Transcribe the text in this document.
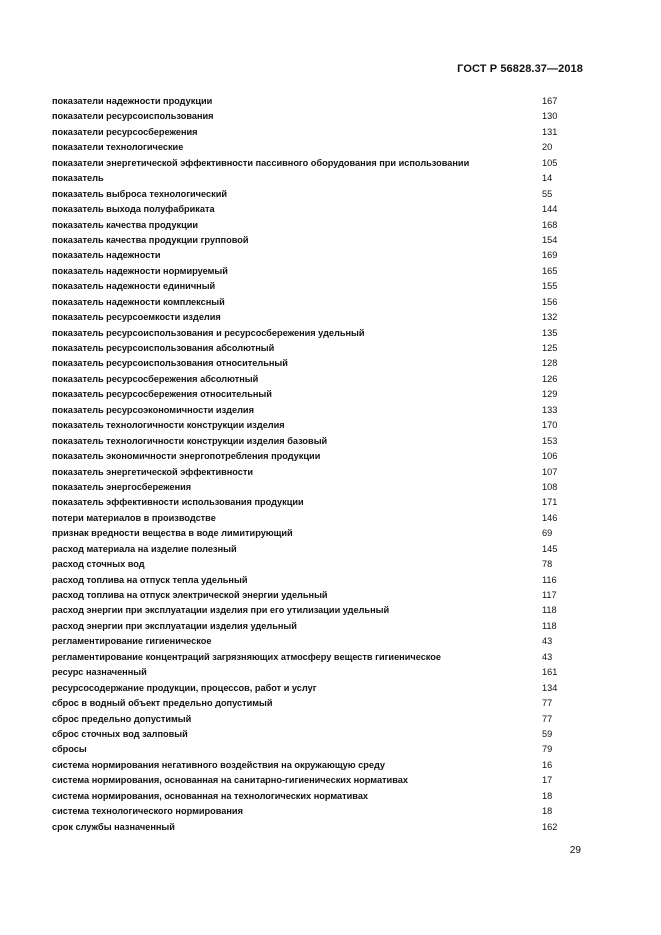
ГОСТ Р 56828.37—2018
показатели надежности продукции	167
показатели ресурсоиспользования	130
показатели ресурсосбережения	131
показатели технологические	20
показатели энергетической эффективности пассивного оборудования при использовании	105
показатель	14
показатель выброса технологический	55
показатель выхода полуфабриката	144
показатель качества продукции	168
показатель качества продукции групповой	154
показатель надежности	169
показатель надежности нормируемый	165
показатель надежности единичный	155
показатель надежности комплексный	156
показатель ресурсоемкости изделия	132
показатель ресурсоиспользования и ресурсосбережения удельный	135
показатель ресурсоиспользования абсолютный	125
показатель ресурсоиспользования относительный	128
показатель ресурсосбережения абсолютный	126
показатель ресурсосбережения относительный	129
показатель ресурсоэкономичности изделия	133
показатель технологичности конструкции изделия	170
показатель технологичности конструкции изделия базовый	153
показатель экономичности энергопотребления продукции	106
показатель энергетической эффективности	107
показатель энергосбережения	108
показатель эффективности использования продукции	171
потери материалов в производстве	146
признак вредности вещества в воде лимитирующий	69
расход материала на изделие полезный	145
расход сточных вод	78
расход топлива на отпуск тепла удельный	116
расход топлива на отпуск электрической энергии удельный	117
расход энергии при эксплуатации изделия при его утилизации удельный	118
расход энергии при эксплуатации изделия удельный	118
регламентирование гигиеническое	43
регламентирование концентраций загрязняющих атмосферу веществ гигиеническое	43
ресурс назначенный	161
ресурсосодержание продукции, процессов, работ и услуг	134
сброс в водный объект предельно допустимый	77
сброс предельно допустимый	77
сброс сточных вод залповый	59
сбросы	79
система нормирования негативного воздействия на окружающую среду	16
система нормирования, основанная на санитарно-гигиенических нормативах	17
система нормирования, основанная на технологических нормативах	18
система технологического нормирования	18
срок службы назначенный	162
29
